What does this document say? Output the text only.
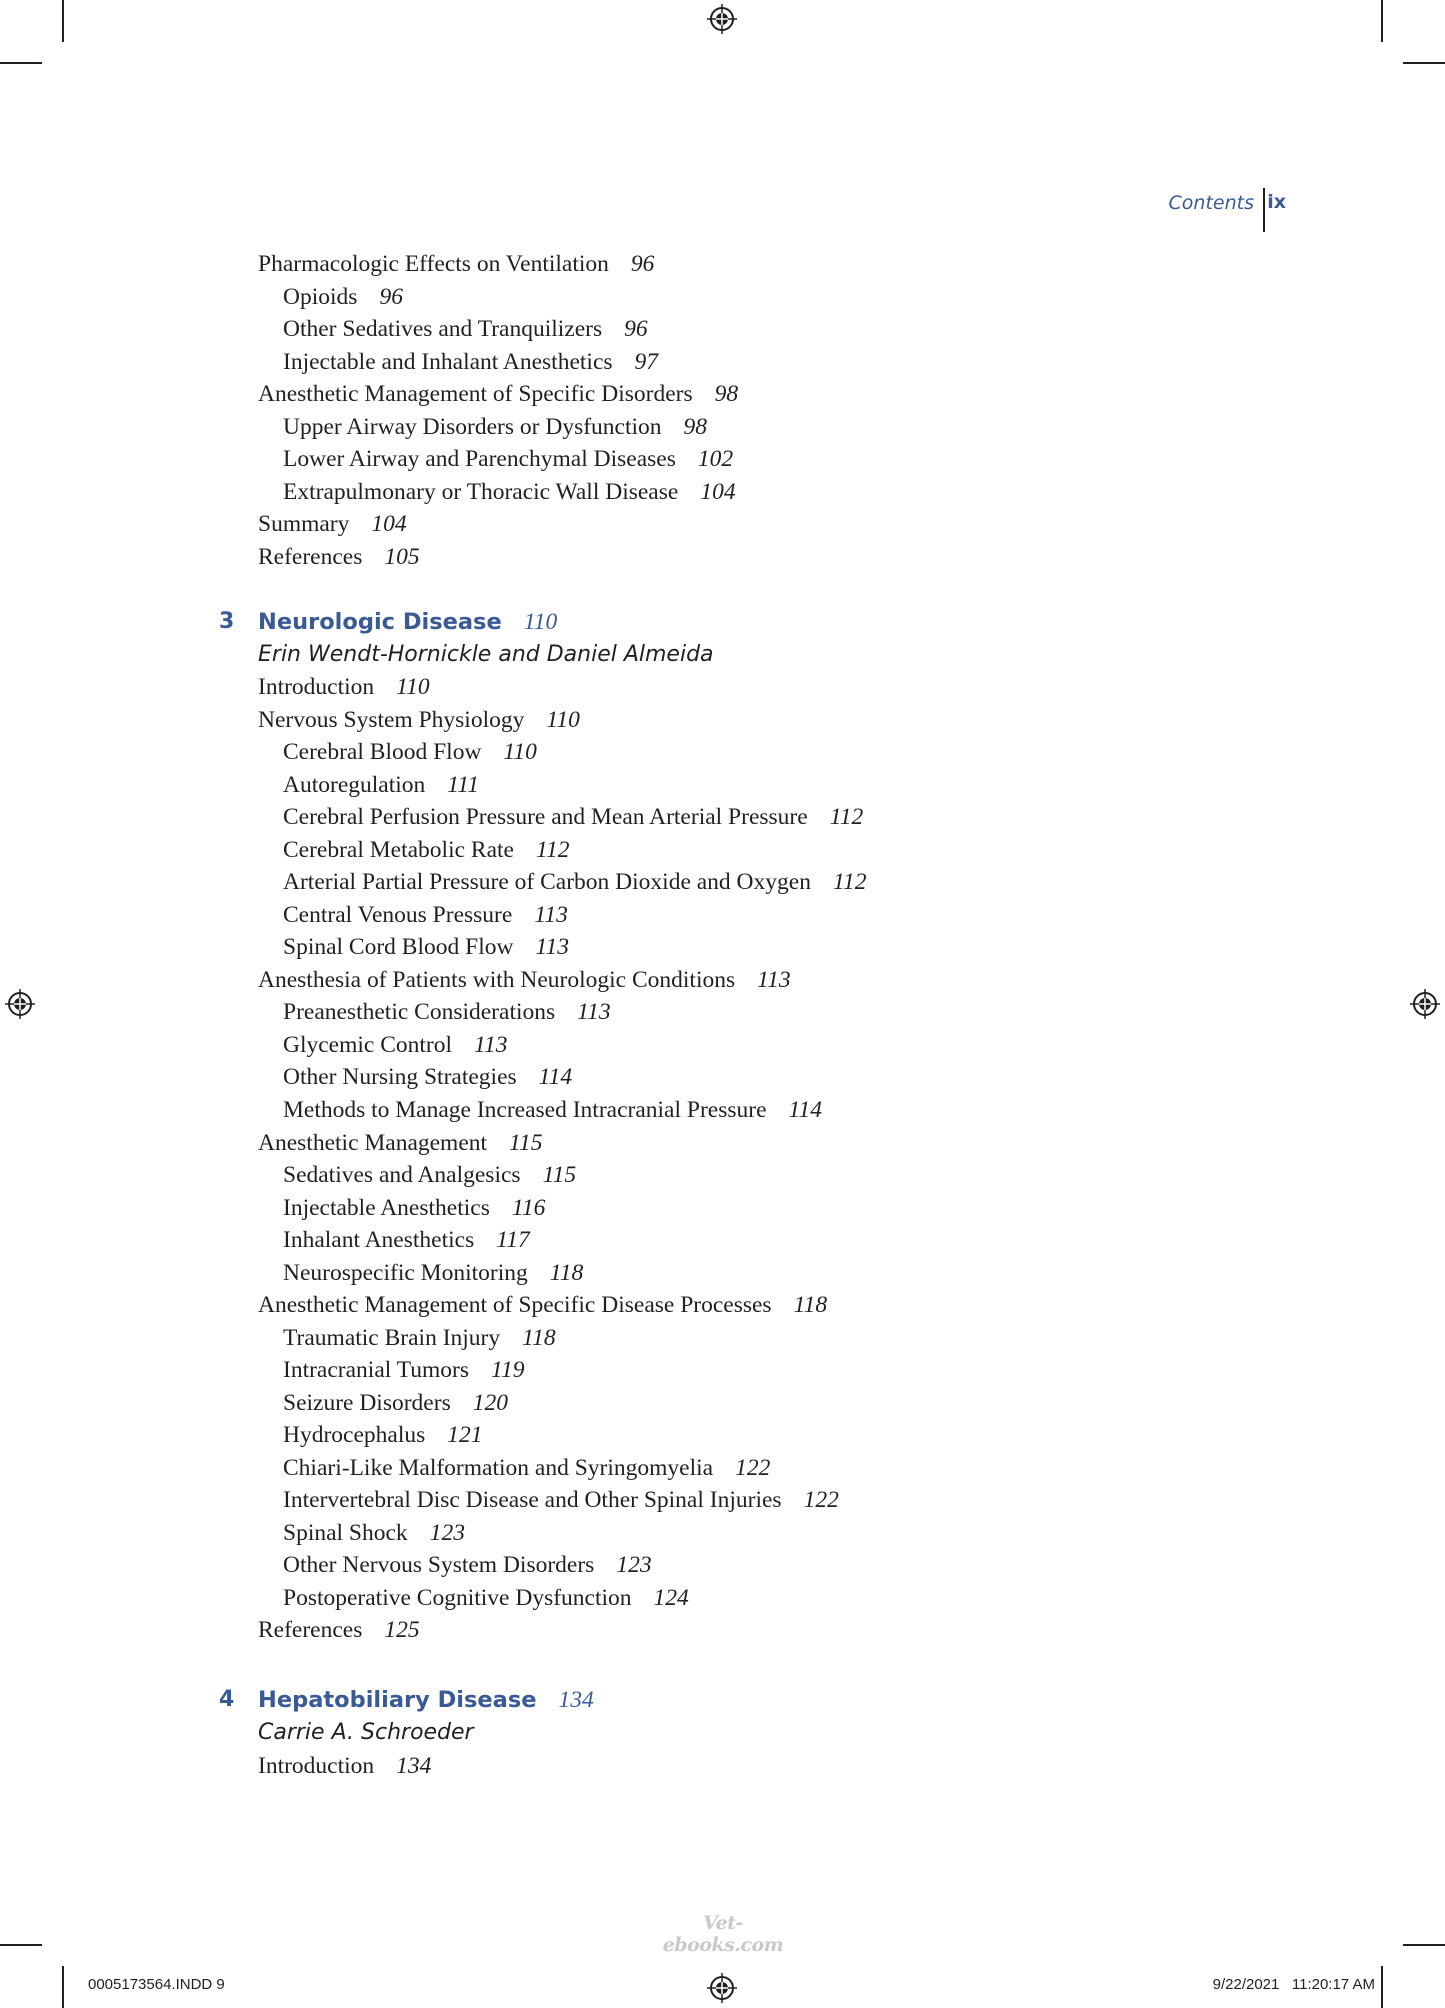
Contents ix
Pharmacologic Effects on Ventilation 96
Opioids 96
Other Sedatives and Tranquilizers 96
Injectable and Inhalant Anesthetics 97
Anesthetic Management of Specific Disorders 98
Upper Airway Disorders or Dysfunction 98
Lower Airway and Parenchymal Diseases 102
Extrapulmonary or Thoracic Wall Disease 104
Summary 104
References 105
3 Neurologic Disease 110
Erin Wendt-Hornickle and Daniel Almeida
Introduction 110
Nervous System Physiology 110
Cerebral Blood Flow 110
Autoregulation 111
Cerebral Perfusion Pressure and Mean Arterial Pressure 112
Cerebral Metabolic Rate 112
Arterial Partial Pressure of Carbon Dioxide and Oxygen 112
Central Venous Pressure 113
Spinal Cord Blood Flow 113
Anesthesia of Patients with Neurologic Conditions 113
Preanesthetic Considerations 113
Glycemic Control 113
Other Nursing Strategies 114
Methods to Manage Increased Intracranial Pressure 114
Anesthetic Management 115
Sedatives and Analgesics 115
Injectable Anesthetics 116
Inhalant Anesthetics 117
Neurospecific Monitoring 118
Anesthetic Management of Specific Disease Processes 118
Traumatic Brain Injury 118
Intracranial Tumors 119
Seizure Disorders 120
Hydrocephalus 121
Chiari-Like Malformation and Syringomyelia 122
Intervertebral Disc Disease and Other Spinal Injuries 122
Spinal Shock 123
Other Nervous System Disorders 123
Postoperative Cognitive Dysfunction 124
References 125
4 Hepatobiliary Disease 134
Carrie A. Schroeder
Introduction 134
Vet-ebooks.com
0005173564.INDD 9	9/22/2021   11:20:17 AM
